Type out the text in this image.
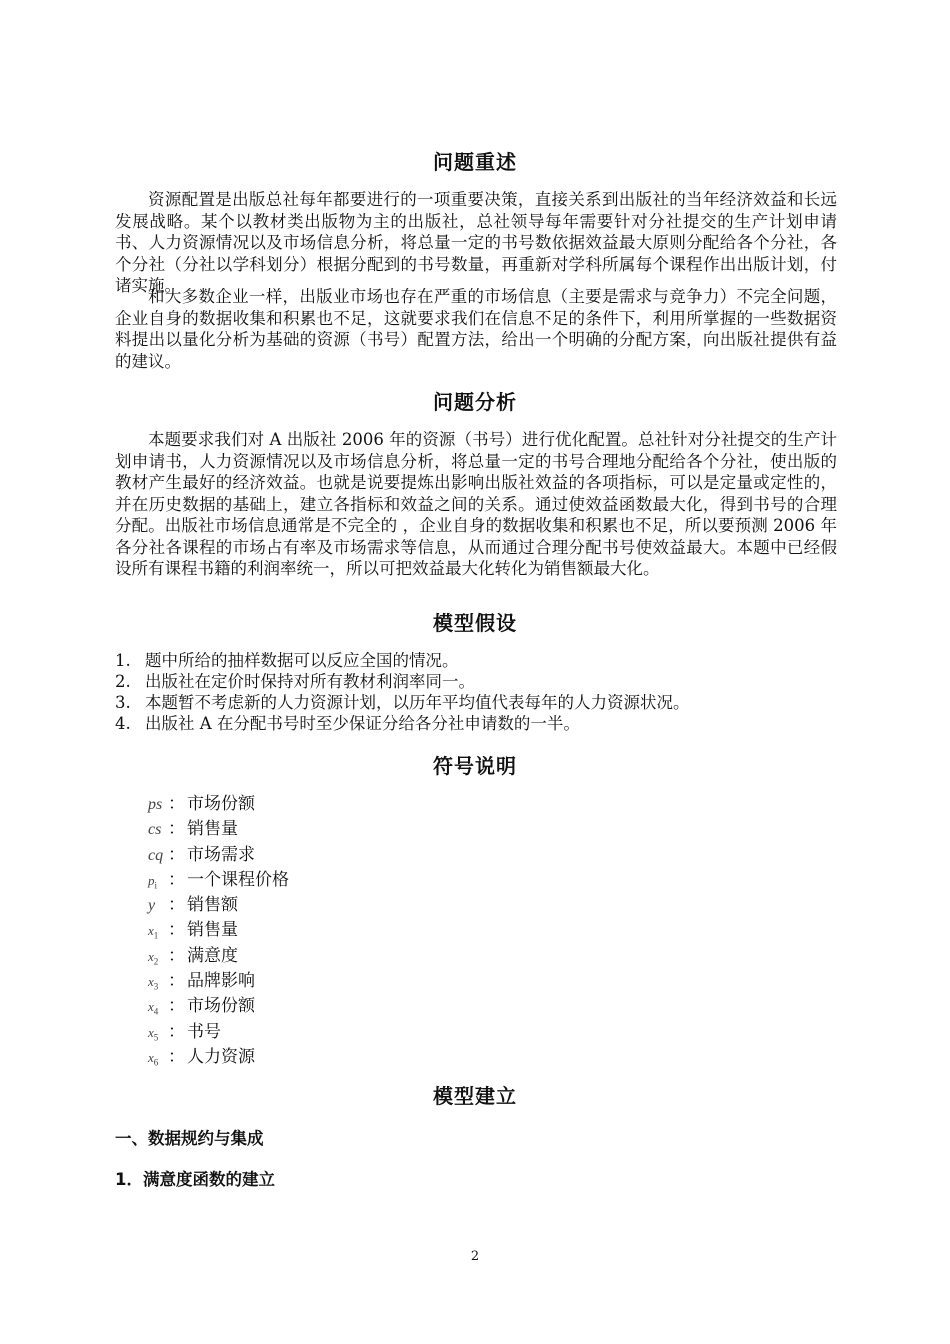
问题重述

资源配置是出版总社每年都要进行的一项重要决策，直接关系到出版社的当年经济效益和长远发展战略。某个以教材类出版物为主的出版社，总社领导每年需要针对分社提交的生产计划申请书、人力资源情况以及市场信息分析，将总量一定的书号数依据效益最大原则分配给各个分社，各个分社（分社以学科划分）根据分配到的书号数量，再重新对学科所属每个课程作出出版计划，付诸实施。

和大多数企业一样，出版业市场也存在严重的市场信息（主要是需求与竞争力）不完全问题，企业自身的数据收集和积累也不足，这就要求我们在信息不足的条件下，利用所掌握的一些数据资料提出以量化分析为基础的资源（书号）配置方法，给出一个明确的分配方案，向出版社提供有益的建议。

问题分析

本题要求我们对 A 出版社 2006 年的资源（书号）进行优化配置。总社针对分社提交的生产计划申请书，人力资源情况以及市场信息分析，将总量一定的书号合理地分配给各个分社，使出版的教材产生最好的经济效益。也就是说要提炼出影响出版社效益的各项指标，可以是定量或定性的，并在历史数据的基础上，建立各指标和效益之间的关系。通过使效益函数最大化，得到书号的合理分配。出版社市场信息通常是不完全的 ，企业自身的数据收集和积累也不足，所以要预测 2006 年各分社各课程的市场占有率及市场需求等信息，从而通过合理分配书号使效益最大。本题中已经假设所有课程书籍的利润率统一，所以可把效益最大化转化为销售额最大化。

模型假设
1. 题中所给的抽样数据可以反应全国的情况。
2. 出版社在定价时保持对所有教材利润率同一。
3. 本题暂不考虑新的人力资源计划，以历年平均值代表每年的人力资源状况。
4. 出版社 A 在分配书号时至少保证分给各分社申请数的一半。
符号说明
ps ： 市场份额
cs ： 销售量
cq ： 市场需求
$p_i$ ： 一个课程价格
y ： 销售额
$x_1$ ： 销售量
$x_2$ ： 满意度
$x_3$ ： 品牌影响
$x_4$ ： 市场份额
$x_5$ ： 书号
$x_6$ ： 人力资源
模型建立

一、数据规约与集成

1．满意度函数的建立

2
